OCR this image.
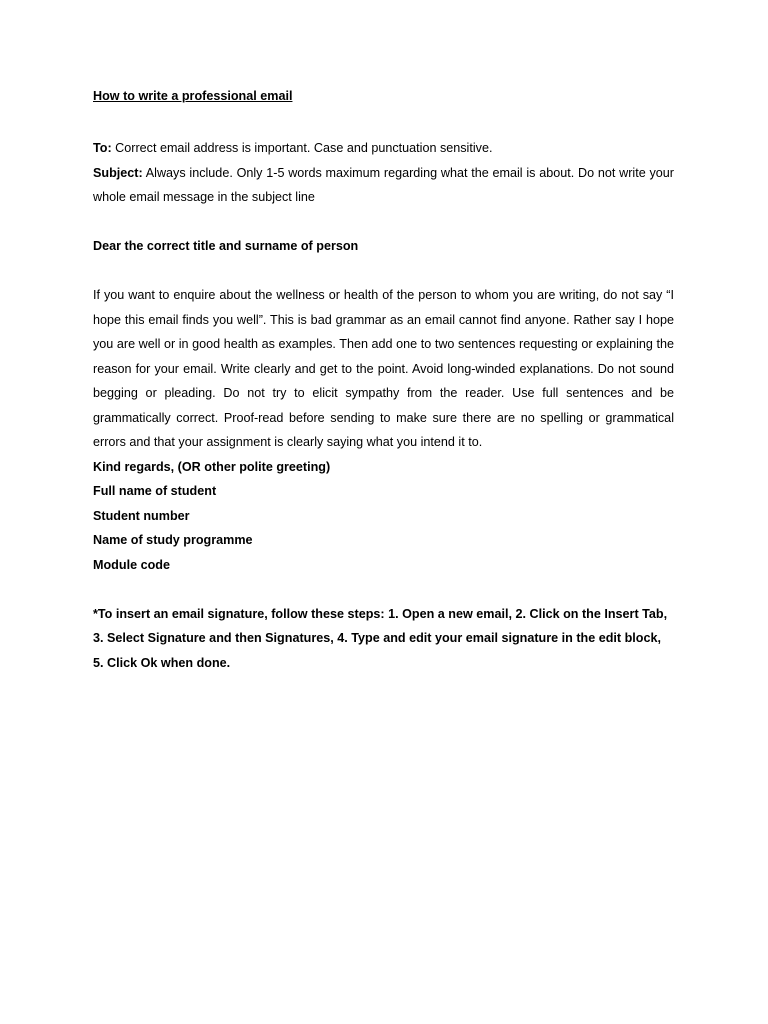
How to write a professional email

To: Correct email address is important. Case and punctuation sensitive.

Subject: Always include. Only 1-5 words maximum regarding what the email is about. Do not write your whole email message in the subject line

Dear the correct title and surname of person

If you want to enquire about the wellness or health of the person to whom you are writing, do not say “I hope this email finds you well”. This is bad grammar as an email cannot find anyone. Rather say I hope you are well or in good health as examples. Then add one to two sentences requesting or explaining the reason for your email. Write clearly and get to the point. Avoid long-winded explanations. Do not sound begging or pleading. Do not try to elicit sympathy from the reader. Use full sentences and be grammatically correct. Proof-read before sending to make sure there are no spelling or grammatical errors and that your assignment is clearly saying what you intend it to.

Kind regards, (OR other polite greeting)
Full name of student
Student number
Name of study programme
Module code

*To insert an email signature, follow these steps: 1. Open a new email, 2. Click on the Insert Tab, 3. Select Signature and then Signatures, 4. Type and edit your email signature in the edit block, 5. Click Ok when done.
